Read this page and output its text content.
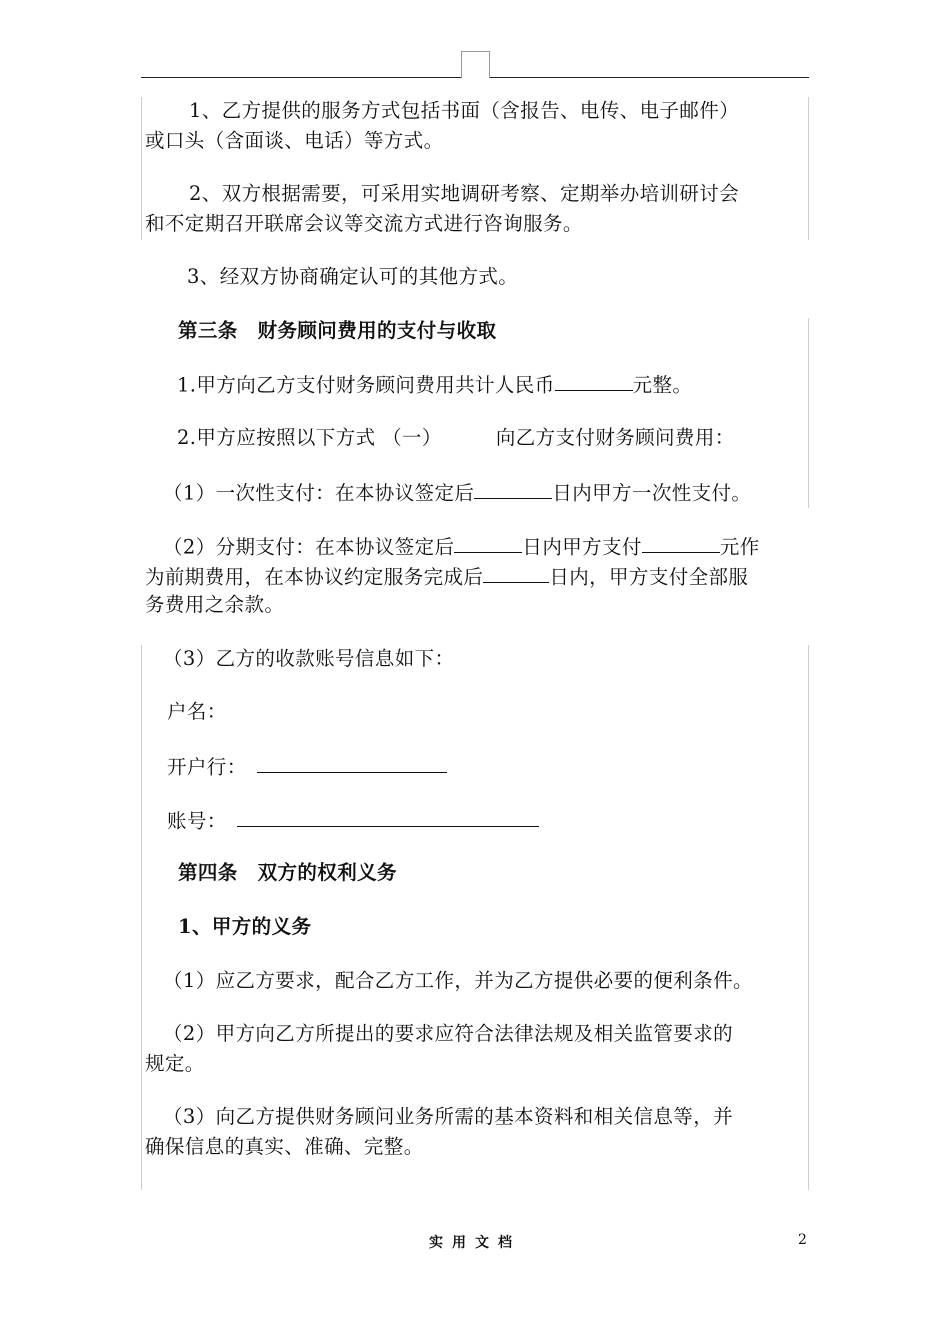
1、乙方提供的服务方式包括书面（含报告、电传、电子邮件）
或口头（含面谈、电话）等方式。
2、双方根据需要，可采用实地调研考察、定期举办培训研讨会
和不定期召开联席会议等交流方式进行咨询服务。
3、经双方协商确定认可的其他方式。
第三条　财务顾问费用的支付与收取
1.甲方向乙方支付财务顾问费用共计人民币	元整。
2.甲方应按照以下方式 （一）	向乙方支付财务顾问费用：
（1）一次性支付：在本协议签定后	日内甲方一次性支付。
（2）分期支付：在本协议签定后	日内甲方支付	元作
为前期费用，在本协议约定服务完成后	日内，甲方支付全部服
务费用之余款。
（3）乙方的收款账号信息如下：
户名：
开户行：
账号：
第四条　双方的权利义务
1、甲方的义务
（1）应乙方要求，配合乙方工作，并为乙方提供必要的便利条件。
（2）甲方向乙方所提出的要求应符合法律法规及相关监管要求的
规定。
（3）向乙方提供财务顾问业务所需的基本资料和相关信息等，并
确保信息的真实、准确、完整。
实用文档	2
